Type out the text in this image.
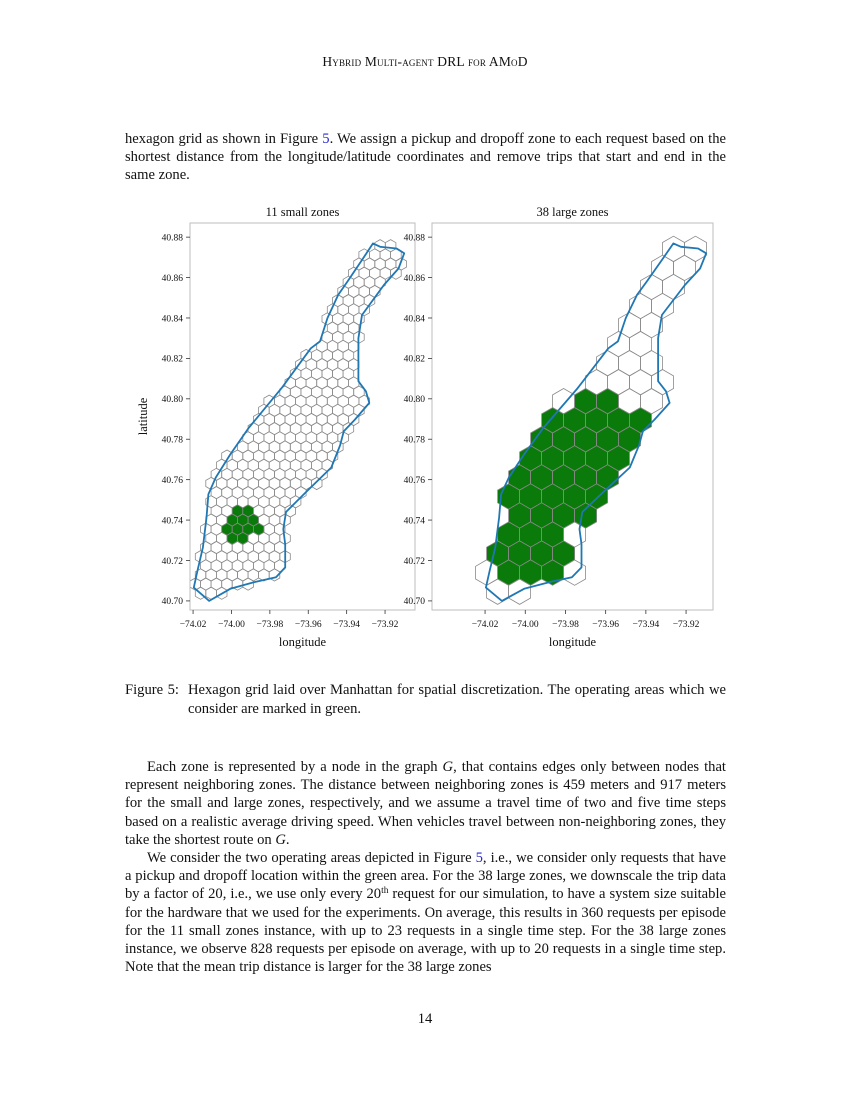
Hybrid Multi-agent DRL for AMoD

hexagon grid as shown in Figure 5. We assign a pickup and dropoff zone to each request based on the shortest distance from the longitude/latitude coordinates and remove trips that start and end in the same zone.

−74.02 −74.00 −73.98 −73.96 −73.94 −73.92
40.70
40.72
40.74
40.76
40.78
40.80
40.82
40.84
40.86
40.88
11 small zones
longitude
latitude
−74.02 −74.00 −73.98 −73.96 −73.94 −73.92
40.70
40.72
40.74
40.76
40.78
40.80
40.82
40.84
40.86
40.88
38 large zones
longitude
Figure 5: Hexagon grid laid over Manhattan for spatial discretization. The operating areas which we consider are marked in green.

Each zone is represented by a node in the graph G, that contains edges only between nodes that represent neighboring zones. The distance between neighboring zones is 459 meters and 917 meters for the small and large zones, respectively, and we assume a travel time of two and five time steps based on a realistic average driving speed. When vehicles travel between non-neighboring zones, they take the shortest route on G.

We consider the two operating areas depicted in Figure 5, i.e., we consider only requests that have a pickup and dropoff location within the green area. For the 38 large zones, we downscale the trip data by a factor of 20, i.e., we use only every 20th request for our simulation, to have a system size suitable for the hardware that we used for the experiments. On average, this results in 360 requests per episode for the 11 small zones instance, with up to 23 requests in a single time step. For the 38 large zones instance, we observe 828 requests per episode on average, with up to 20 requests in a single time step. Note that the mean trip distance is larger for the 38 large zones

14
